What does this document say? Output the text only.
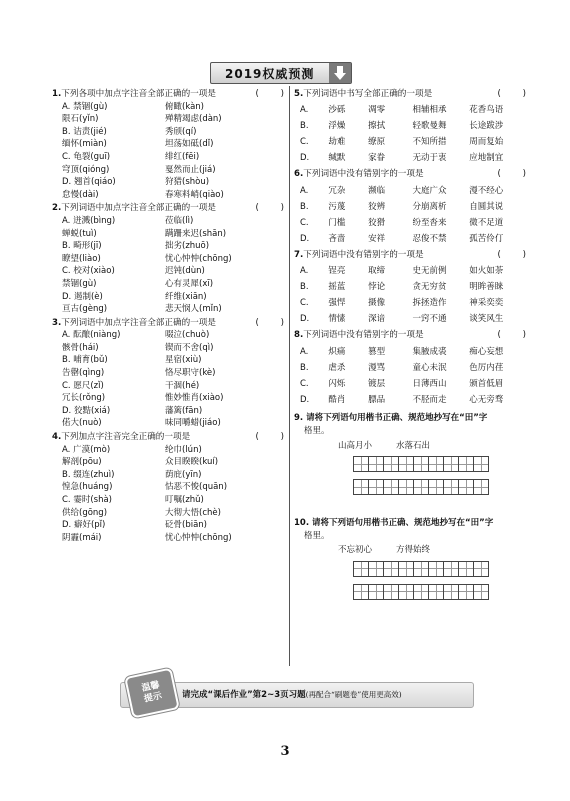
2019权威预测
1.下列各项中加点字注音全部正确的一项是	(        )
A. 禁锢(gù)	俯瞰(kàn)
限石(yǐn)	殚精竭虑(dàn)
B. 诘责(jié)	秀颀(qí)
缅怀(miàn)	坦荡如砥(dǐ)
C. 龟裂(guī)	绯红(fēi)
穹顶(qióng)	戛然而止(jiá)
D. 翘首(qiáo)	狩猎(shòu)
怠慢(dài)	春寒料峭(qiào)
2.下列词语中加点字注音全部正确的一项是	(        )
A. 迸溅(bìng)	莅临(lì)
蝉蜕(tuì)	蹒跚来迟(shān)
B. 畸形(jī)	拙劣(zhuō)
瞭望(liào)	忧心忡忡(chōng)
C. 校对(xiào)	迟钝(dùn)
禁锢(gù)	心有灵犀(xī)
D. 遏制(è)	纤维(xiān)
亘古(gèng)	悲天悯人(mǐn)
3.下列词语中加点字注音全部正确的一项是	(        )
A. 酝酿(niàng)	啜泣(chuò)
骸骨(hái)	锲而不舍(qì)
B. 哺育(bǔ)	星宿(xiù)
告罄(qìng)	恪尽职守(kè)
C. 愿尺(zǐ)	干涸(hé)
冗长(rǒng)	惟妙惟肖(xiào)
D. 狡黠(xiá)	藩篱(fān)
偌大(nuò)	味同嚼蜡(jiáo)
4.下列加点字注音完全正确的一项是	(        )
A. 广漠(mò)	纶巾(lún)
解剖(pōu)	众目睽睽(kuí)
B. 缀连(zhuì)	荫庇(yīn)
惶急(huáng)	怙恶不悛(quān)
C. 霎时(shà)	叮嘱(zhǔ)
供给(gōng)	大彻大悟(chè)
D. 癖好(pǐ)	砭骨(biān)
阴霾(mái)	忧心忡忡(chōng)
5.下列词语中书写全部正确的一项是	(        )
A.	沙砾	凋零	相辅相承	花香鸟语
B.	浮燥	擦拭	轻歌曼舞	长途跋涉
C.	劫难	缭原	不知所措	周而复始
D.	缄默	家眷	无动于衷	应地制宜
6.下列词语中没有错别字的一项是	(        )
A.	冗杂	濒临	大庭广众	漫不经心
B.	污蔑	狡辨	分崩离析	自圆其说
C.	门槛	狡猾	纷至沓来	微不足道
D.	吝啬	安祥	忍俊不禁	孤苦伶仃
7.下列词语中没有错别字的一项是	(        )
A.	锃亮	取缔	史无前例	如火如荼
B.	摇蓝	悖论	贪无穷贫	明眸善睐
C.	强悍	摄像	拆拯造作	神采奕奕
D.	情愫	深谙	一窍不通	谈笑风生
8.下列词语中没有错别字的一项是	(        )
A.	炽痛	篡型	集腋成裘	痴心妄想
B.	虐杀	漫骂	童心未泯	色厉内荏
C.	闪烁	镀层	日薄西山	颁首低眉
D.	酷肖	膘品	不胫而走	心无旁骛
9. 请将下列语句用楷书正确、规范地抄写在“田”字
格里。
山高月小	水落石出
10. 请将下列语句用楷书正确、规范地抄写在“田”字
格里。
不忘初心	方得始终
温馨
提示 请完成“课后作业”第2~3页习题(再配合“刷题卷”使用更高效)
3
